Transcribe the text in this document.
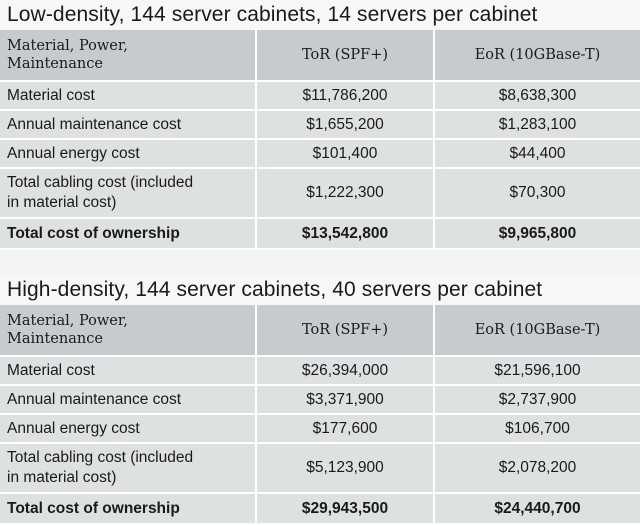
Low-density, 144 server cabinets, 14 servers per cabinet
Material, Power,
Maintenance	ToR (SPF+)	EoR (10GBase-T)
Material cost	$11,786,200	$8,638,300
Annual maintenance cost	$1,655,200	$1,283,100
Annual energy cost	$101,400	$44,400
Total cabling cost (included
in material cost)	$1,222,300	$70,300
Total cost of ownership	$13,542,800	$9,965,800
High-density, 144 server cabinets, 40 servers per cabinet
Material, Power,
Maintenance	ToR (SPF+)	EoR (10GBase-T)
Material cost	$26,394,000	$21,596,100
Annual maintenance cost	$3,371,900	$2,737,900
Annual energy cost	$177,600	$106,700
Total cabling cost (included
in material cost)	$5,123,900	$2,078,200
Total cost of ownership	$29,943,500	$24,440,700
